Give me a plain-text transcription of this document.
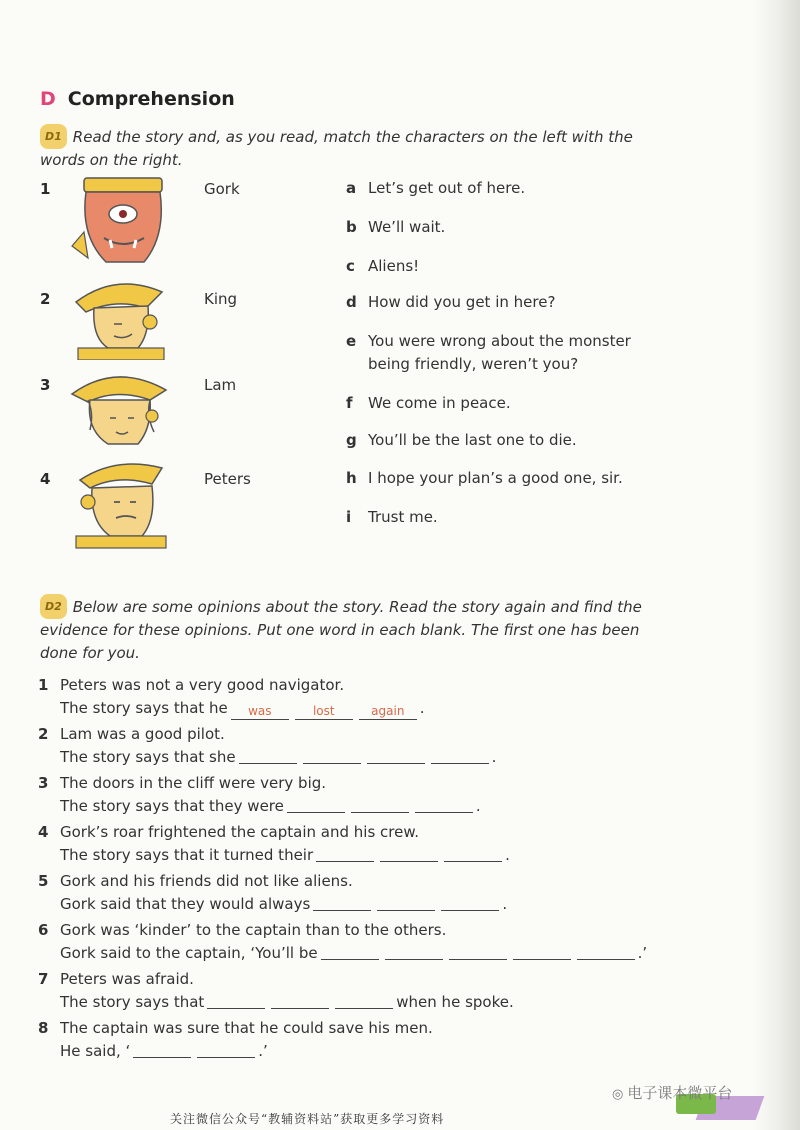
D Comprehension
D1 Read the story and, as you read, match the characters on the left with the words on the right.
1	Gork
2	King
3	Lam
4	Peters
a Let’s get out of here.
b We’ll wait.
c Aliens!
d How did you get in here?
e You were wrong about the monster being friendly, weren’t you?
f We come in peace.
g You’ll be the last one to die.
h I hope your plan’s a good one, sir.
i Trust me.
D2 Below are some opinions about the story. Read the story again and find the evidence for these opinions. Put one word in each blank. The first one has been done for you.
1 Peters was not a very good navigator.
The story says that he was	lost	again .
2 Lam was a good pilot.
The story says that she	.
3 The doors in the cliff were very big.
The story says that they were	.
4 Gork’s roar frightened the captain and his crew.
The story says that it turned their	.
5 Gork and his friends did not like aliens.
Gork said that they would always	.
6 Gork was ‘kinder’ to the captain than to the others.
Gork said to the captain, ‘You’ll be	.’
7 Peters was afraid.
The story says that	when he spoke.
8 The captain was sure that he could save his men.
He said, ‘	.’
◎ 电子课本微平台
关注微信公众号“教辅资料站”获取更多学习资料
